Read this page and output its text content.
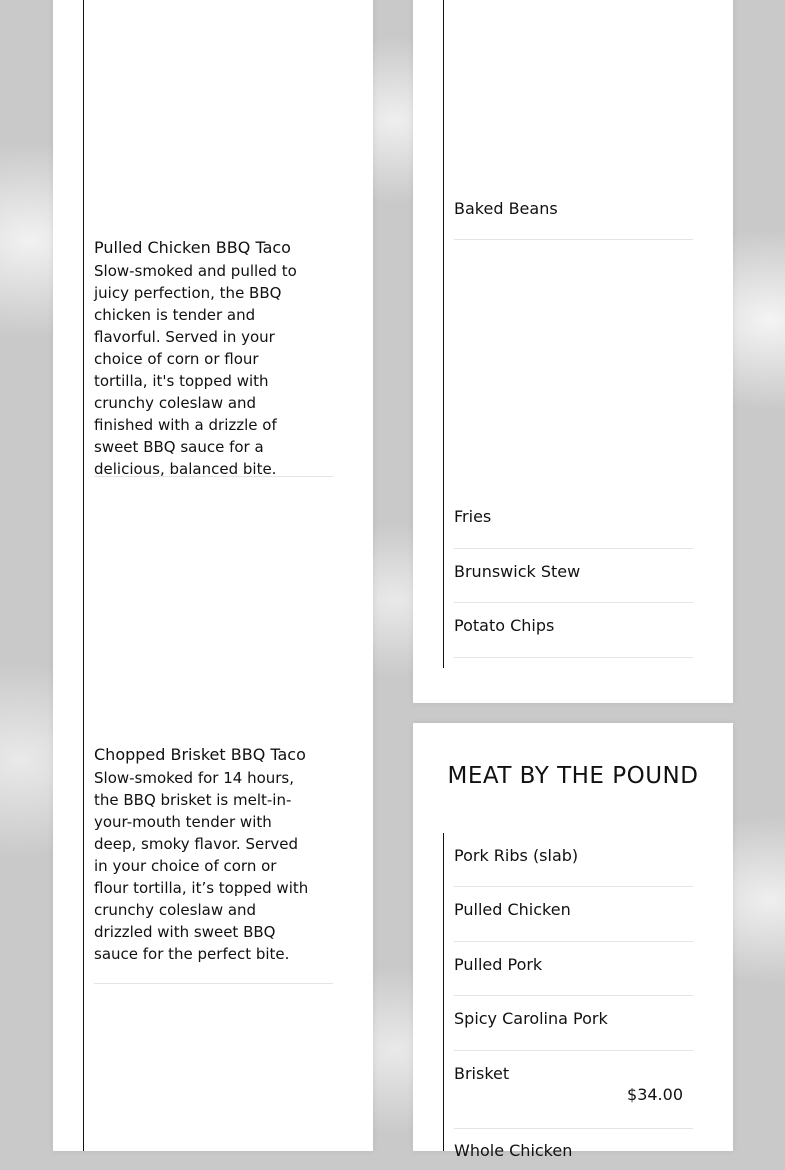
Pulled Chicken BBQ Taco
Slow-smoked and pulled to juicy perfection, the BBQ chicken is tender and flavorful. Served in your choice of corn or flour tortilla, it's topped with crunchy coleslaw and finished with a drizzle of sweet BBQ sauce for a delicious, balanced bite.
Chopped Brisket BBQ Taco
Slow-smoked for 14 hours, the BBQ brisket is melt-in-your-mouth tender with deep, smoky flavor. Served in your choice of corn or flour tortilla, it’s topped with crunchy coleslaw and drizzled with sweet BBQ sauce for the perfect bite.
Baked Beans
Fries
Brunswick Stew
Potato Chips
MEAT BY THE POUND
Pork Ribs (slab)
Pulled Chicken
Pulled Pork
Spicy Carolina Pork
Brisket
$34.00
Whole Chicken
